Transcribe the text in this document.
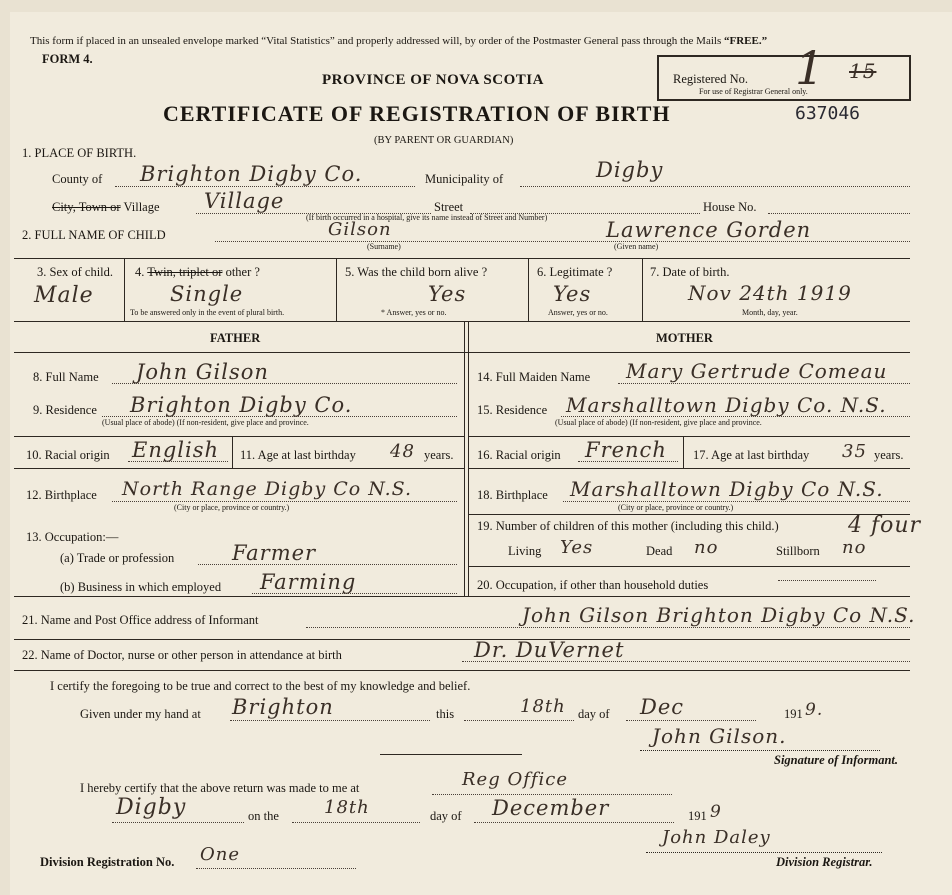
This form if placed in an unsealed envelope marked “Vital Statistics” and properly addressed will, by order of the Postmaster General pass through the Mails “FREE.”
FORM 4.
PROVINCE OF NOVA SCOTIA
CERTIFICATE OF REGISTRATION OF BIRTH
(BY PARENT OR GUARDIAN)
Registered No.
For use of Registrar General only.
1 15
637046
1. PLACE OF BIRTH.
County of Brighton Digby Co.	Municipality of	Digby
City, Town or Village Village	Street	House No.
(If birth occurred in a hospital, give its name instead of Street and Number)
2. FULL NAME OF CHILD	Gilson	Lawrence Gorden
(Surname)	(Given name)
3. Sex of child.
Male
4. Twin, triplet or other ?
Single
To be answered only in the event of plural birth.
5. Was the child born alive ?
Yes
* Answer, yes or no.
6. Legitimate ?
Yes
Answer, yes or no.
7. Date of birth.
Nov 24th 1919
Month, day, year.
FATHER	MOTHER
8. Full Name John Gilson
9. Residence Brighton Digby Co.
(Usual place of abode) (If non-resident, give place and province.
10. Racial origin English 11. Age at last birthday 48 years.
12. Birthplace North Range Digby Co N.S.
(City or place, province or country.)
13. Occupation:—
(a) Trade or profession	Farmer
(b) Business in which employed Farming
14. Full Maiden Name Mary Gertrude Comeau
15. Residence Marshalltown Digby Co. N.S.
(Usual place of abode) (If non-resident, give place and province.
16. Racial origin French 17. Age at last birthday 35 years.
18. Birthplace Marshalltown Digby Co N.S.
(City or place, province or country.)
19. Number of children of this mother (including this child.)	4 four
Living Yes	Dead no	Stillborn no
20. Occupation, if other than household duties
21. Name and Post Office address of Informant	John Gilson Brighton Digby Co N.S.
22. Name of Doctor, nurse or other person in attendance at birth	Dr. DuVernet
I certify the foregoing to be true and correct to the best of my knowledge and belief.
Given under my hand at Brighton	this	18th day of Dec	191 9.
John Gilson.
Signature of Informant.
I hereby certify that the above return was made to me at	Reg Office
Digby	on the	18th	day of December	191 9
Division Registration No. One
John Daley
Division Registrar.
